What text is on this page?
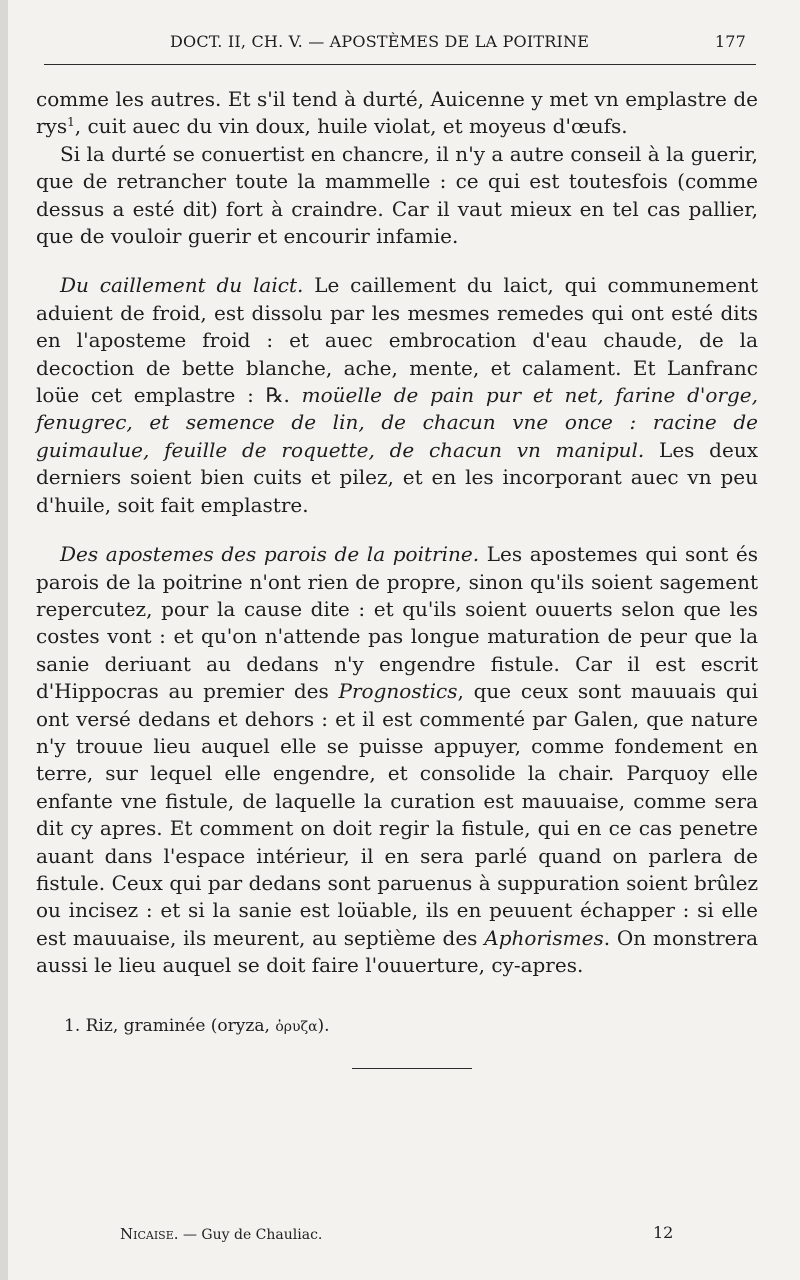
DOCT. II, CH. V. — APOSTÈMES DE LA POITRINE	177

comme les autres. Et s'il tend à durté, Auicenne y met vn emplastre de rys$^1$, cuit auec du vin doux, huile violat, et moyeus d'œufs.

Si la durté se conuertist en chancre, il n'y a autre conseil à la guerir, que de retrancher toute la mammelle : ce qui est toutesfois (comme dessus a esté dit) fort à craindre. Car il vaut mieux en tel cas pallier, que de vouloir guerir et encourir infamie.

Du caillement du laict. Le caillement du laict, qui communement aduient de froid, est dissolu par les mesmes remedes qui ont esté dits en l'aposteme froid : et auec embrocation d'eau chaude, de la decoction de bette blanche, ache, mente, et calament. Et Lanfranc loüe cet emplastre : ℞. moüelle de pain pur et net, farine d'orge, fenugrec, et semence de lin, de chacun vne once : racine de guimaulue, feuille de roquette, de chacun vn manipul. Les deux derniers soient bien cuits et pilez, et en les incorporant auec vn peu d'huile, soit fait emplastre.

Des apostemes des parois de la poitrine. Les apostemes qui sont és parois de la poitrine n'ont rien de propre, sinon qu'ils soient sagement repercutez, pour la cause dite : et qu'ils soient ouuerts selon que les costes vont : et qu'on n'attende pas longue maturation de peur que la sanie deriuant au dedans n'y engendre fistule. Car il est escrit d'Hippocras au premier des Prognostics, que ceux sont mauuais qui ont versé dedans et dehors : et il est commenté par Galen, que nature n'y trouue lieu auquel elle se puisse appuyer, comme fondement en terre, sur lequel elle engendre, et consolide la chair. Parquoy elle enfante vne fistule, de laquelle la curation est mauuaise, comme sera dit cy apres. Et comment on doit regir la fistule, qui en ce cas penetre auant dans l'espace intérieur, il en sera parlé quand on parlera de fistule. Ceux qui par dedans sont paruenus à suppuration soient brûlez ou incisez : et si la sanie est loüable, ils en peuuent échapper : si elle est mauuaise, ils meurent, au septième des Aphorismes. On monstrera aussi le lieu auquel se doit faire l'ouuerture, cy-apres.

1. Riz, graminée (oryza, ὀρυζα).
Nicaise. — Guy de Chauliac.	12
